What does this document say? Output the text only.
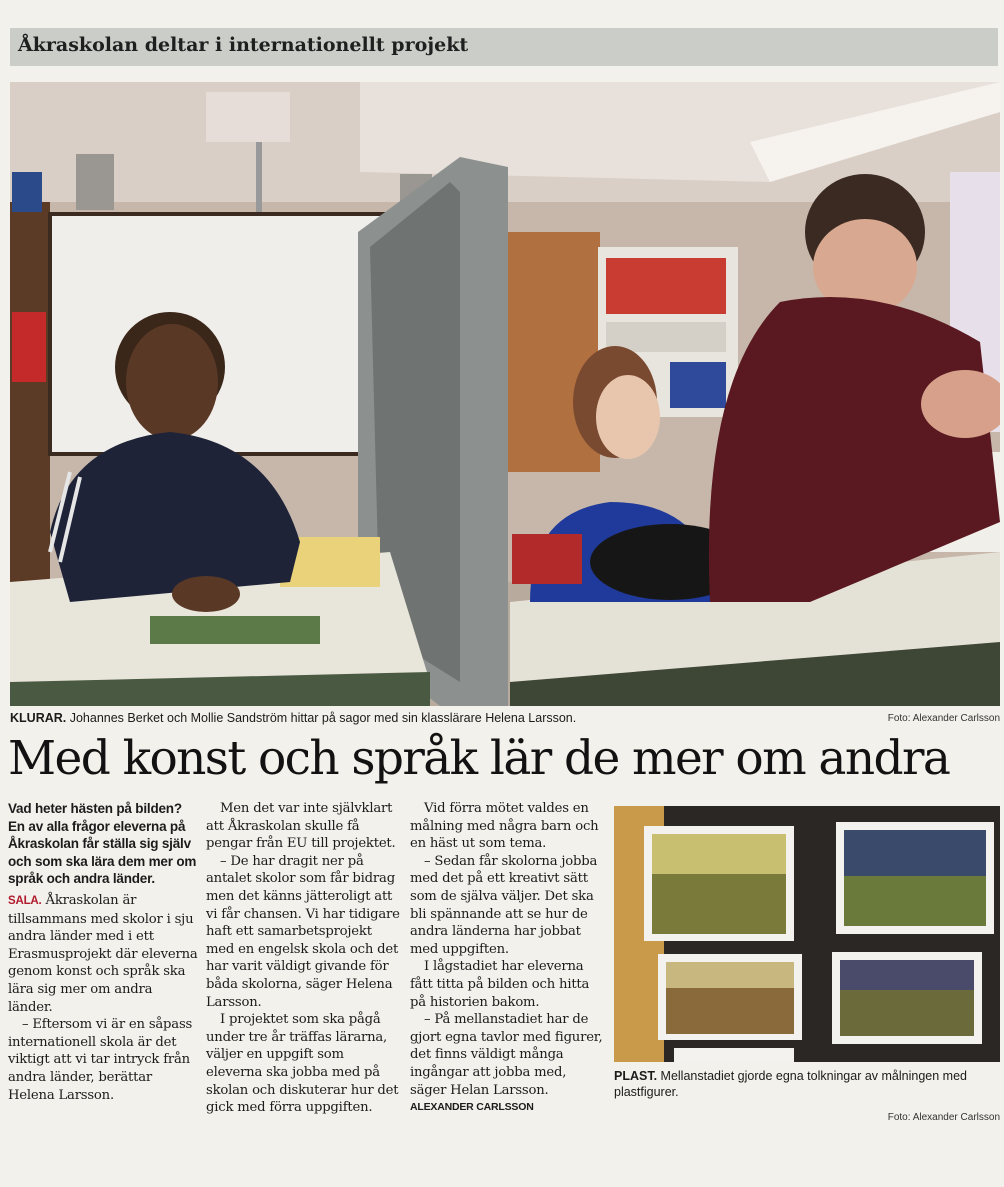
Åkraskolan deltar i internationellt projekt
KLURAR. Johannes Berket och Mollie Sandström hittar på sagor med sin klasslärare Helena Larsson.	Foto: Alexander Carlsson
Med konst och språk lär de mer om andra

Vad heter hästen på bilden? En av alla frågor eleverna på Åkraskolan får ställa sig själv och som ska lära dem mer om språk och andra länder.

SALA. Åkraskolan är tillsammans med skolor i sju andra länder med i ett Erasmusprojekt där eleverna genom konst och språk ska lära sig mer om andra länder.

– Eftersom vi är en såpass internationell skola är det viktigt att vi tar intryck från andra länder, berättar Helena Larsson.

Men det var inte självklart att Åkraskolan skulle få pengar från EU till projektet.

– De har dragit ner på antalet skolor som får bidrag men det känns jätteroligt att vi får chansen. Vi har tidigare haft ett samarbetsprojekt med en engelsk skola och det har varit väldigt givande för båda skolorna, säger Helena Larsson.

I projektet som ska pågå under tre år träffas lärarna, väljer en uppgift som eleverna ska jobba med på skolan och diskuterar hur det gick med förra uppgiften.

Vid förra mötet valdes en målning med några barn och en häst ut som tema.

– Sedan får skolorna jobba med det på ett kreativt sätt som de själva väljer. Det ska bli spännande att se hur de andra länderna har jobbat med uppgiften.

I lågstadiet har eleverna fått titta på bilden och hitta på historien bakom.

– På mellanstadiet har de gjort egna tavlor med figurer, det finns väldigt många ingångar att jobba med, säger Helan Larsson.

ALEXANDER CARLSSON

PLAST. Mellanstadiet gjorde egna tolkningar av målningen med plastfigurer.
Foto: Alexander Carlsson
